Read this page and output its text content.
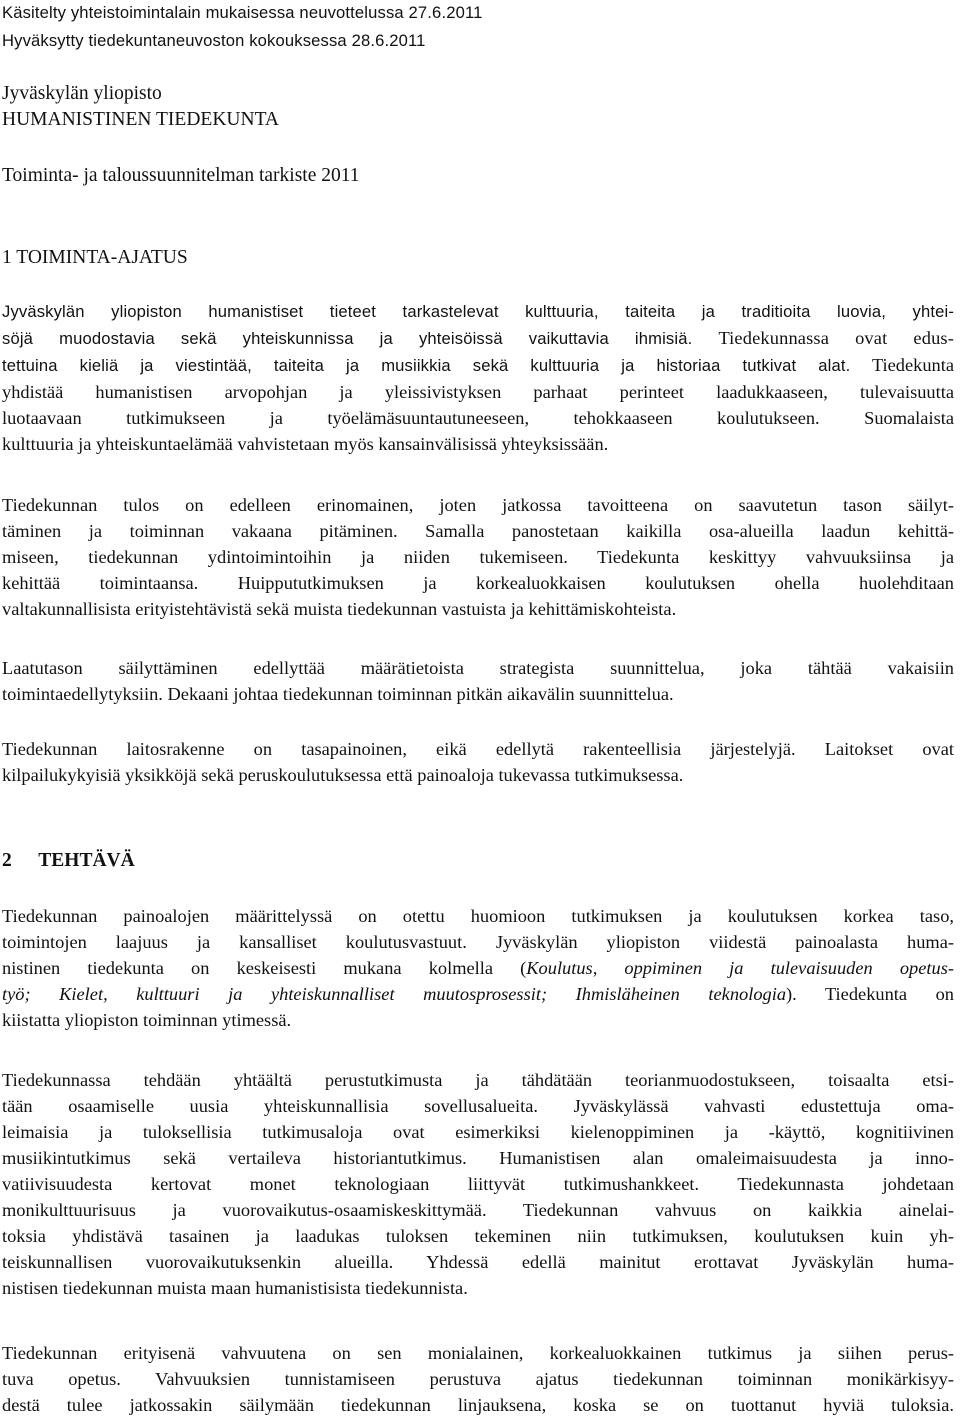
Käsitelty yhteistoimintalain mukaisessa neuvottelussa 27.6.2011
Hyväksytty tiedekuntaneuvoston kokouksessa 28.6.2011
Jyväskylän yliopisto
HUMANISTINEN TIEDEKUNTA
Toiminta- ja taloussuunnitelman tarkiste 2011
1 TOIMINTA-AJATUS
Jyväskylän yliopiston humanistiset tieteet tarkastelevat kulttuuria, taiteita ja traditioita luovia, yhtei-
söjä muodostavia sekä yhteiskunnissa ja yhteisöissä vaikuttavia ihmisiä. Tiedekunnassa ovat edus-
tettuina kieliä ja viestintää, taiteita ja musiikkia sekä kulttuuria ja historiaa tutkivat alat. Tiedekunta
yhdistää humanistisen arvopohjan ja yleissivistyksen parhaat perinteet laadukkaaseen, tulevaisuutta
luotaavaan tutkimukseen ja työelämäsuuntautuneeseen, tehokkaaseen koulutukseen. Suomalaista
kulttuuria ja yhteiskuntaelämää vahvistetaan myös kansainvälisissä yhteyksissään.
Tiedekunnan tulos on edelleen erinomainen, joten jatkossa tavoitteena on saavutetun tason säilyt-
täminen ja toiminnan vakaana pitäminen. Samalla panostetaan kaikilla osa-alueilla laadun kehittä-
miseen, tiedekunnan ydintoimintoihin ja niiden tukemiseen. Tiedekunta keskittyy vahvuuksiinsa ja
kehittää toimintaansa. Huippututkimuksen ja korkealuokkaisen koulutuksen ohella huolehditaan
valtakunnallisista erityistehtävistä sekä muista tiedekunnan vastuista ja kehittämiskohteista.
Laatutason säilyttäminen edellyttää määrätietoista strategista suunnittelua, joka tähtää vakaisiin
toimintaedellytyksiin. Dekaani johtaa tiedekunnan toiminnan pitkän aikavälin suunnittelua.
Tiedekunnan laitosrakenne on tasapainoinen, eikä edellytä rakenteellisia järjestelyjä. Laitokset ovat
kilpailukykyisiä yksikköjä sekä peruskoulutuksessa että painoaloja tukevassa tutkimuksessa.
2 TEHTÄVÄ
Tiedekunnan painoalojen määrittelyssä on otettu huomioon tutkimuksen ja koulutuksen korkea taso,
toimintojen laajuus ja kansalliset koulutusvastuut. Jyväskylän yliopiston viidestä painoalasta huma-
nistinen tiedekunta on keskeisesti mukana kolmella (Koulutus, oppiminen ja tulevaisuuden opetus-
työ; Kielet, kulttuuri ja yhteiskunnalliset muutosprosessit; Ihmisläheinen teknologia). Tiedekunta on
kiistatta yliopiston toiminnan ytimessä.
Tiedekunnassa tehdään yhtäältä perustutkimusta ja tähdätään teorianmuodostukseen, toisaalta etsi-
tään osaamiselle uusia yhteiskunnallisia sovellusalueita. Jyväskylässä vahvasti edustettuja oma-
leimaisia ja tuloksellisia tutkimusaloja ovat esimerkiksi kielenoppiminen ja -käyttö, kognitiivinen
musiikintutkimus sekä vertaileva historiantutkimus. Humanistisen alan omaleimaisuudesta ja inno-
vatiivisuudesta kertovat monet teknologiaan liittyvät tutkimushankkeet. Tiedekunnasta johdetaan
monikulttuurisuus ja vuorovaikutus-osaamiskeskittymää. Tiedekunnan vahvuus on kaikkia ainelai-
toksia yhdistävä tasainen ja laadukas tuloksen tekeminen niin tutkimuksen, koulutuksen kuin yh-
teiskunnallisen vuorovaikutuksenkin alueilla. Yhdessä edellä mainitut erottavat Jyväskylän huma-
nistisen tiedekunnan muista maan humanistisista tiedekunnista.
Tiedekunnan erityisenä vahvuutena on sen monialainen, korkealuokkainen tutkimus ja siihen perus-
tuva opetus. Vahvuuksien tunnistamiseen perustuva ajatus tiedekunnan toiminnan monikärkisyy-
destä tulee jatkossakin säilymään tiedekunnan linjauksena, koska se on tuottanut hyviä tuloksia.
